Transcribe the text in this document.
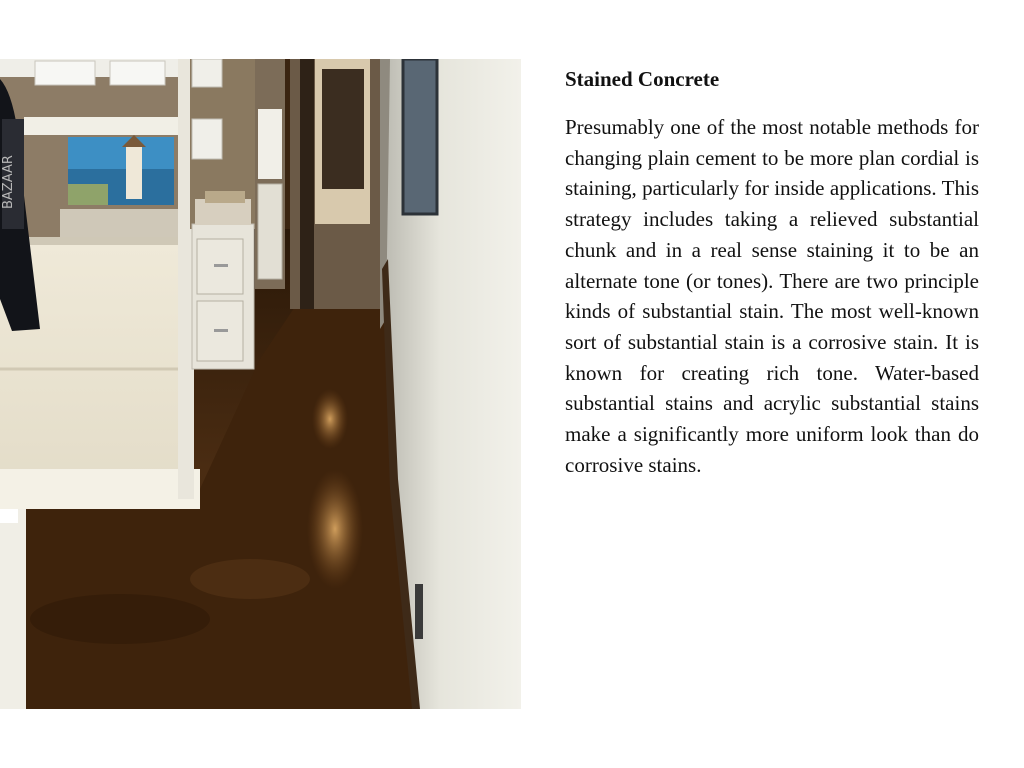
BAZAAR
Stained Concrete

Presumably one of the most notable methods for changing plain cement to be more plan cordial is staining, particularly for inside applications. This strategy includes taking a relieved substantial chunk and in a real sense staining it to be an alternate tone (or tones). There are two principle kinds of substantial stain. The most well-known sort of substantial stain is a corrosive stain. It is known for creating rich tone. Water-based substantial stains and acrylic substantial stains make a significantly more uniform look than do corrosive stains.
